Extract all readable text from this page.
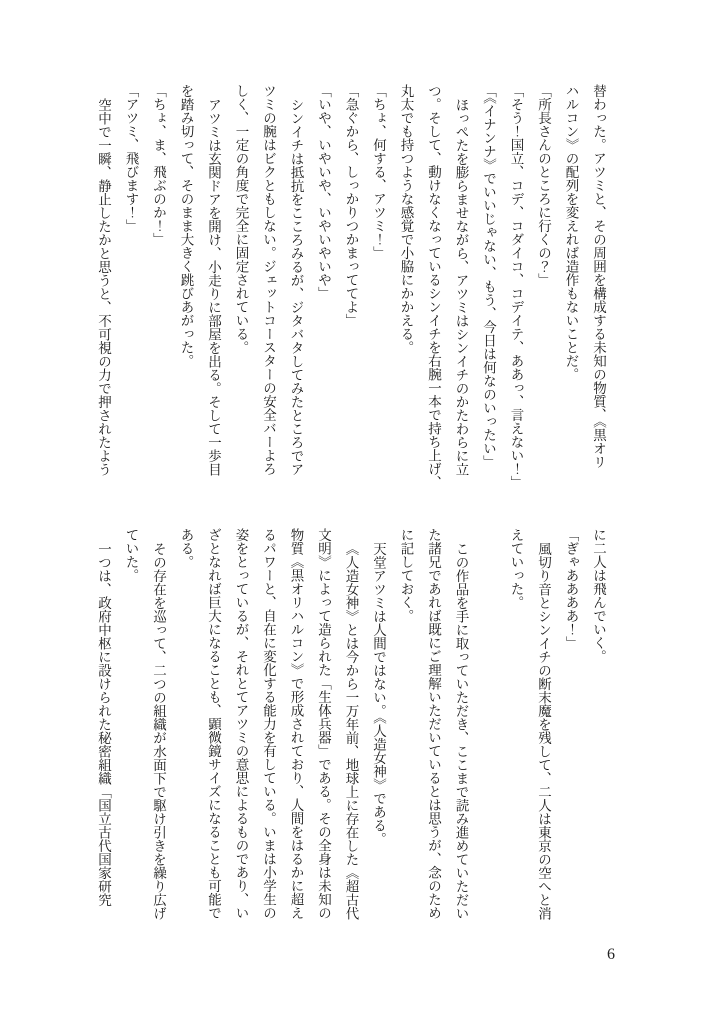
替わった。アツミと、その周囲を構成する未知の物質、《黒オリ
ハルコン》の配列を変えれば造作もないことだ。
「所長さんのところに行くの？」
「そう！国立、コデ、コダイコ、コデイテ、ああっ、言えない！」
「《イナンナ》でいいじゃない、もう、今日は何なのいったい」
ほっぺたを膨らませながら、アツミはシンイチのかたわらに立
つ。そして、動けなくなっているシンイチを右腕一本で持ち上げ、
丸太でも持つような感覚で小脇にかかえる。
「ちょ、何する、アツミ！」
「急ぐから、しっかりつかまっててよ」
「いや、いやいや、いやいやいや」
シンイチは抵抗をこころみるが、ジタバタしてみたところでア
ツミの腕はビクともしない。ジェットコースターの安全バーよろ
しく、一定の角度で完全に固定されている。
アツミは玄関ドアを開け、小走りに部屋を出る。そして一歩目
を踏み切って、そのまま大きく跳びあがった。
「ちょ、ま、飛ぶのか！」
「アツミ、飛びます！」
空中で一瞬、静止したかと思うと、不可視の力で押されたよう
に二人は飛んでいく。
「ぎゃああああ！」
風切り音とシンイチの断末魔を残して、二人は東京の空へと消
えていった。
この作品を手に取っていただき、ここまで読み進めていただい
た諸兄であれば既にご理解いただいているとは思うが、念のため
に記しておく。
天堂アツミは人間ではない。《人造女神》である。
《人造女神》とは今から一万年前、地球上に存在した《超古代
文明》によって造られた「生体兵器」である。その全身は未知の
物質《黒オリハルコン》で形成されており、人間をはるかに超え
るパワーと、自在に変化する能力を有している。いまは小学生の
姿をとっているが、それとてアツミの意思によるものであり、い
ざとなれば巨大になることも、顕微鏡サイズになることも可能で
ある。
その存在を巡って、二つの組織が水面下で駆け引きを繰り広げ
ていた。
一つは、政府中枢に設けられた秘密組織「国立古代国家研究
6
